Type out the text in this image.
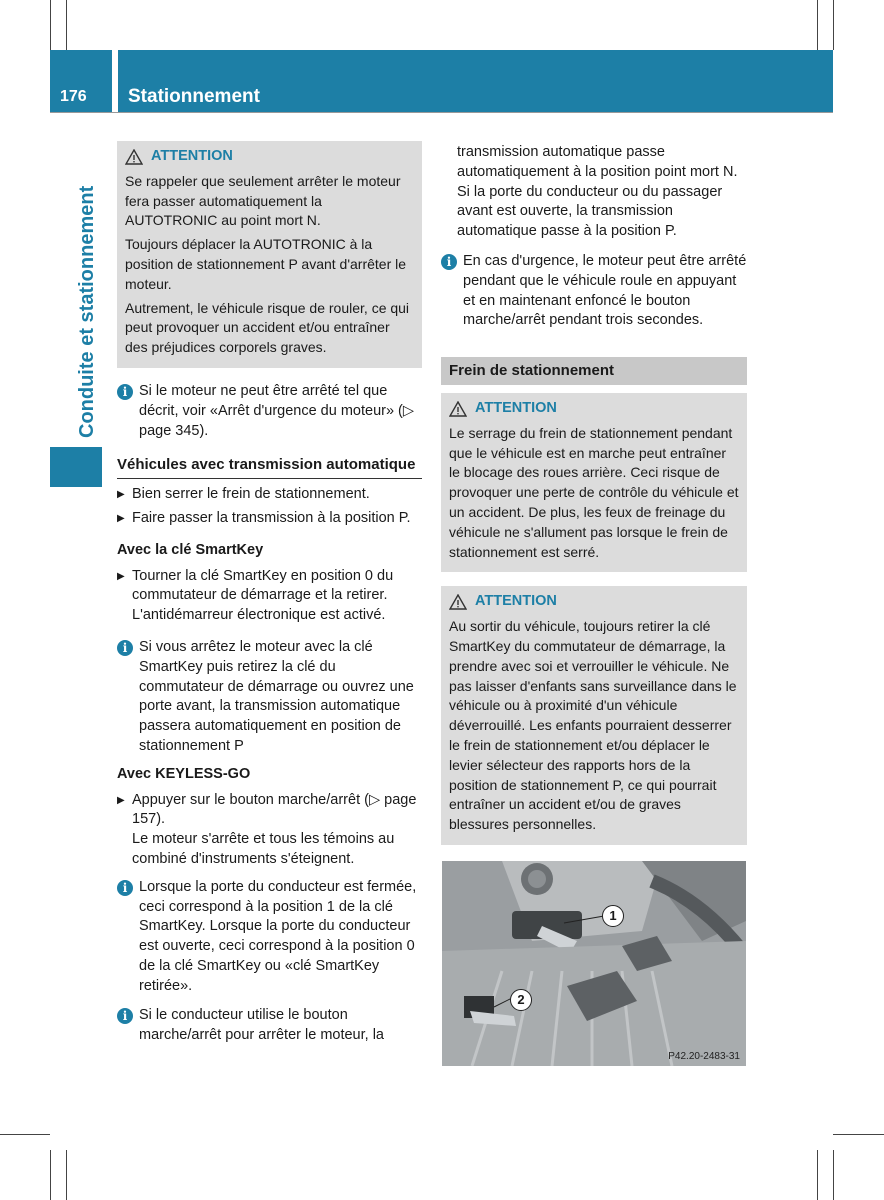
176 Stationnement
Conduite et stationnement
ATTENTION

Se rappeler que seulement arrêter le moteur fera passer automatiquement la AUTOTRONIC au point mort N.

Toujours déplacer la AUTOTRONIC à la position de stationnement P avant d'arrêter le moteur.

Autrement, le véhicule risque de rouler, ce qui peut provoquer un accident et/ou entraîner des préjudices corporels graves.

i Si le moteur ne peut être arrêté tel que décrit, voir «Arrêt d'urgence du moteur» (▷ page 345).
Véhicules avec transmission automatique
▶ Bien serrer le frein de stationnement.
▶ Faire passer la transmission à la position P.
Avec la clé SmartKey
▶ Tourner la clé SmartKey en position 0 du commutateur de démarrage et la retirer. L'antidémarreur électronique est activé.
i Si vous arrêtez le moteur avec la clé SmartKey puis retirez la clé du commutateur de démarrage ou ouvrez une porte avant, la transmission automatique passera automatiquement en position de stationnement P
Avec KEYLESS-GO
▶ Appuyer sur le bouton marche/arrêt (▷ page 157).
Le moteur s'arrête et tous les témoins au combiné d'instruments s'éteignent.
i Lorsque la porte du conducteur est fermée, ceci correspond à la position 1 de la clé SmartKey. Lorsque la porte du conducteur est ouverte, ceci correspond à la position 0 de la clé SmartKey ou «clé SmartKey retirée».
i Si le conducteur utilise le bouton marche/arrêt pour arrêter le moteur, la
transmission automatique passe automatiquement à la position point mort N. Si la porte du conducteur ou du passager avant est ouverte, la transmission automatique passe à la position P.
i En cas d'urgence, le moteur peut être arrêté pendant que le véhicule roule en appuyant et en maintenant enfoncé le bouton marche/arrêt pendant trois secondes.
Frein de stationnement
ATTENTION

Le serrage du frein de stationnement pendant que le véhicule est en marche peut entraîner le blocage des roues arrière. Ceci risque de provoquer une perte de contrôle du véhicule et un accident. De plus, les feux de freinage du véhicule ne s'allument pas lorsque le frein de stationnement est serré.

ATTENTION

Au sortir du véhicule, toujours retirer la clé SmartKey du commutateur de démarrage, la prendre avec soi et verrouiller le véhicule. Ne pas laisser d'enfants sans surveillance dans le véhicule ou à proximité d'un véhicule déverrouillé. Les enfants pourraient desserrer le frein de stationnement et/ou déplacer le levier sélecteur des rapports hors de la position de stationnement P, ce qui pourrait entraîner un accident et/ou de graves blessures personnelles.

1
2
P42.20-2483-31
